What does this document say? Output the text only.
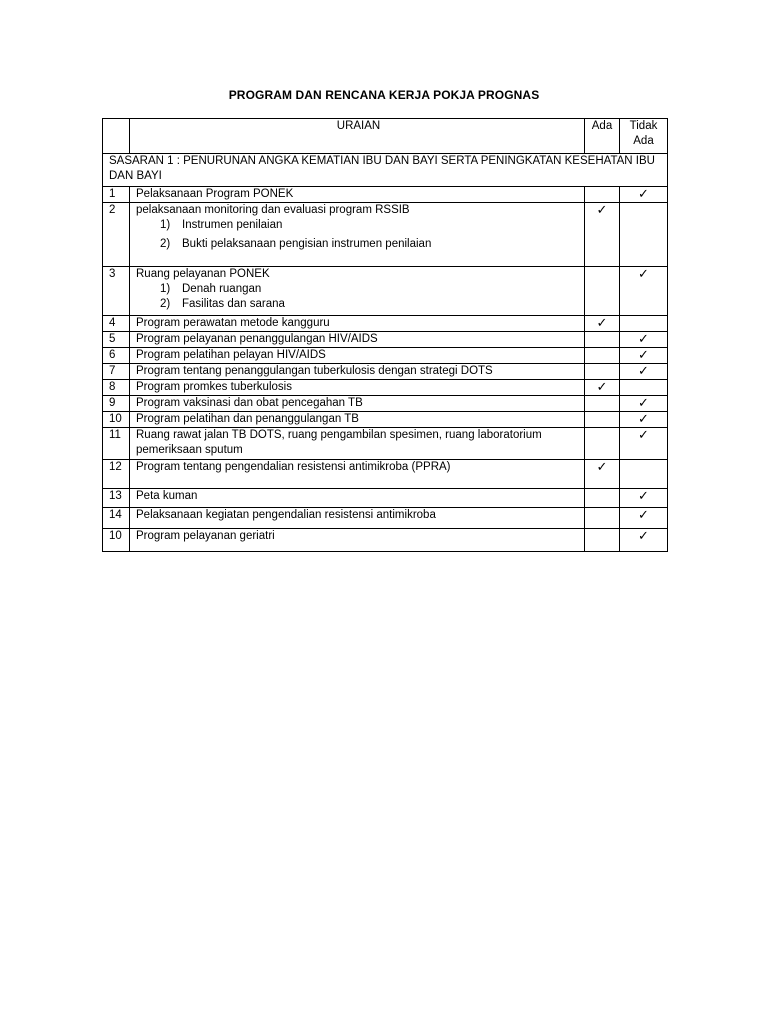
PROGRAM DAN RENCANA KERJA POKJA PROGNAS
	URAIAN	Ada	Tidak Ada
SASARAN 1 : PENURUNAN ANGKA KEMATIAN IBU DAN BAYI SERTA PENINGKATAN KESEHATAN IBU DAN BAYI			
1	Pelaksanaan Program PONEK		✓
2	pelaksanaan monitoring dan evaluasi program RSSIB
1) Instrumen penilaian
2) Bukti pelaksanaan pengisian instrumen penilaian	✓	
3	Ruang pelayanan PONEK
1) Denah ruangan
2) Fasilitas dan sarana		✓
4	Program perawatan metode kangguru	✓	
5	Program pelayanan penanggulangan HIV/AIDS		✓
6	Program pelatihan pelayan HIV/AIDS		✓
7	Program tentang penanggulangan tuberkulosis dengan strategi DOTS		✓
8	Program promkes tuberkulosis	✓	
9	Program vaksinasi dan obat pencegahan TB		✓
10	Program pelatihan dan penanggulangan TB		✓
11	Ruang rawat jalan TB DOTS, ruang pengambilan spesimen, ruang laboratorium pemeriksaan sputum		✓
12	Program tentang pengendalian resistensi antimikroba (PPRA)	✓	
13	Peta kuman		✓
14	Pelaksanaan kegiatan pengendalian resistensi antimikroba		✓
10	Program pelayanan geriatri		✓
